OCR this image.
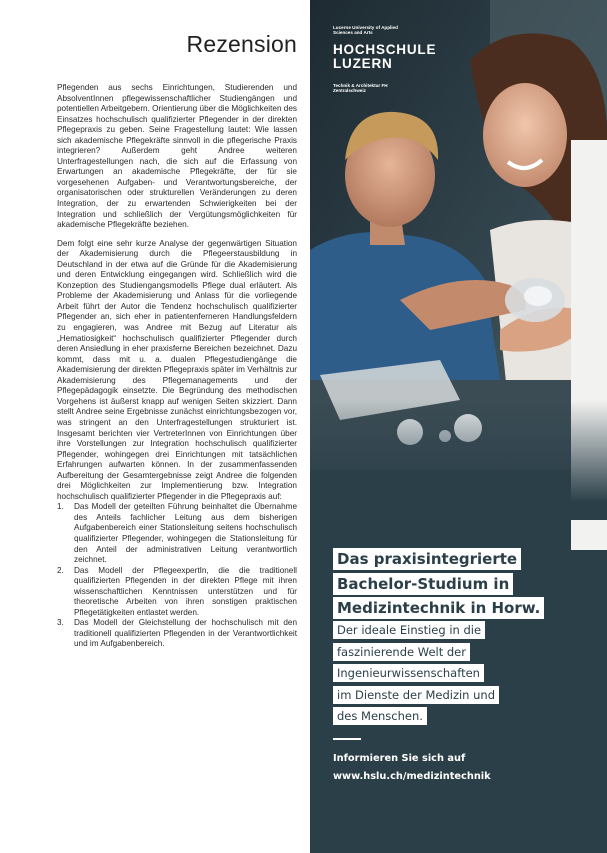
Rezension

Pflegenden aus sechs Einrichtungen, Studierenden und AbsolventInnen pflegewissenschaftlicher Studiengängen und potentiellen Arbeitgebern. Orientierung über die Möglichkeiten des Einsatzes hochschulisch qualifizierter Pflegender in der direkten Pflegepraxis zu geben. Seine Fragestellung lautet: Wie lassen sich akademische Pflegekräfte sinnvoll in die pflegerische Praxis integrieren? Außerdem geht Andree weiteren Unterfragestellungen nach, die sich auf die Erfassung von Erwartungen an akademische Pflegekräfte, der für sie vorgesehenen Aufgaben- und Verantwortungsbereiche, der organisatorischen oder strukturellen Veränderungen zu deren Integration, der zu erwartenden Schwierigkeiten bei der Integration und schließlich der Vergütungsmöglichkeiten für akademische Pflegekräfte beziehen.

Dem folgt eine sehr kurze Analyse der gegenwärtigen Situation der Akademisierung durch die Pflegeerstausbildung in Deutschland in der etwa auf die Gründe für die Akademisierung und deren Entwicklung eingegangen wird. Schließlich wird die Konzeption des Studiengangsmodells Pflege dual erläutert. Als Probleme der Akademisierung und Anlass für die vorliegende Arbeit führt der Autor die Tendenz hochschulisch qualifizierter Pflegender an, sich eher in patientenferneren Handlungsfeldern zu engagieren, was Andree mit Bezug auf Literatur als „Hematiosigkeit“ hochschulisch qualifizierter Pflegender durch deren Ansiedlung in eher praxisferne Bereichen bezeichnet. Dazu kommt, dass mit u. a. dualen Pflegestudiengänge die Akademisierung der direkten Pflegepraxis später im Verhältnis zur Akademisierung des Pflegemanagements und der Pflegepädagogik einsetzte. Die Begründung des methodischen Vorgehens ist äußerst knapp auf wenigen Seiten skizziert. Dann stellt Andree seine Ergebnisse zunächst einrichtungsbezogen vor, was stringent an den Unterfragestellungen strukturiert ist. Insgesamt berichten vier VertreterInnen von Einrichtungen über ihre Vorstellungen zur Integration hochschulisch qualifizierter Pflegender, wohingegen drei Einrichtungen mit tatsächlichen Erfahrungen aufwarten können. In der zusammenfassenden Aufbereitung der Gesamtergebnisse zeigt Andree die folgenden drei Möglichkeiten zur Implementierung bzw. Integration hochschulisch qualifizierter Pflegender in die Pflegepraxis auf:

1. Das Modell der geteilten Führung beinhaltet die Übernahme des Anteils fachlicher Leitung aus dem bisherigen Aufgabenbereich einer Stationsleitung seitens hochschulisch qualifizierter Pflegender, wohingegen die Stationsleitung für den Anteil der administrativen Leitung verantwortlich zeichnet.
2. Das Modell der PflegeexpertIn, die die traditionell qualifizierten Pflegenden in der direkten Pflege mit ihren wissenschaftlichen Kenntnissen unterstützen und für theoretische Arbeiten von ihren sonstigen praktischen Pflegetätigkeiten entlastet werden.
3. Das Modell der Gleichstellung der hochschulisch mit den traditionell qualifizierten Pflegenden in der Verantwortlichkeit und im Aufgabenbereich.
Lucerne University of Applied Sciences and Arts
HOCHSCHULE
LUZERN
Technik & Architektur FH Zentralschweiz
Das praxisintegrierte
Bachelor-Studium in
Medizintechnik in Horw.
Der ideale Einstieg in die
faszinierende Welt der
Ingenieurwissenschaften
im Dienste der Medizin und
des Menschen.
Informieren Sie sich auf
www.hslu.ch/medizintechnik
